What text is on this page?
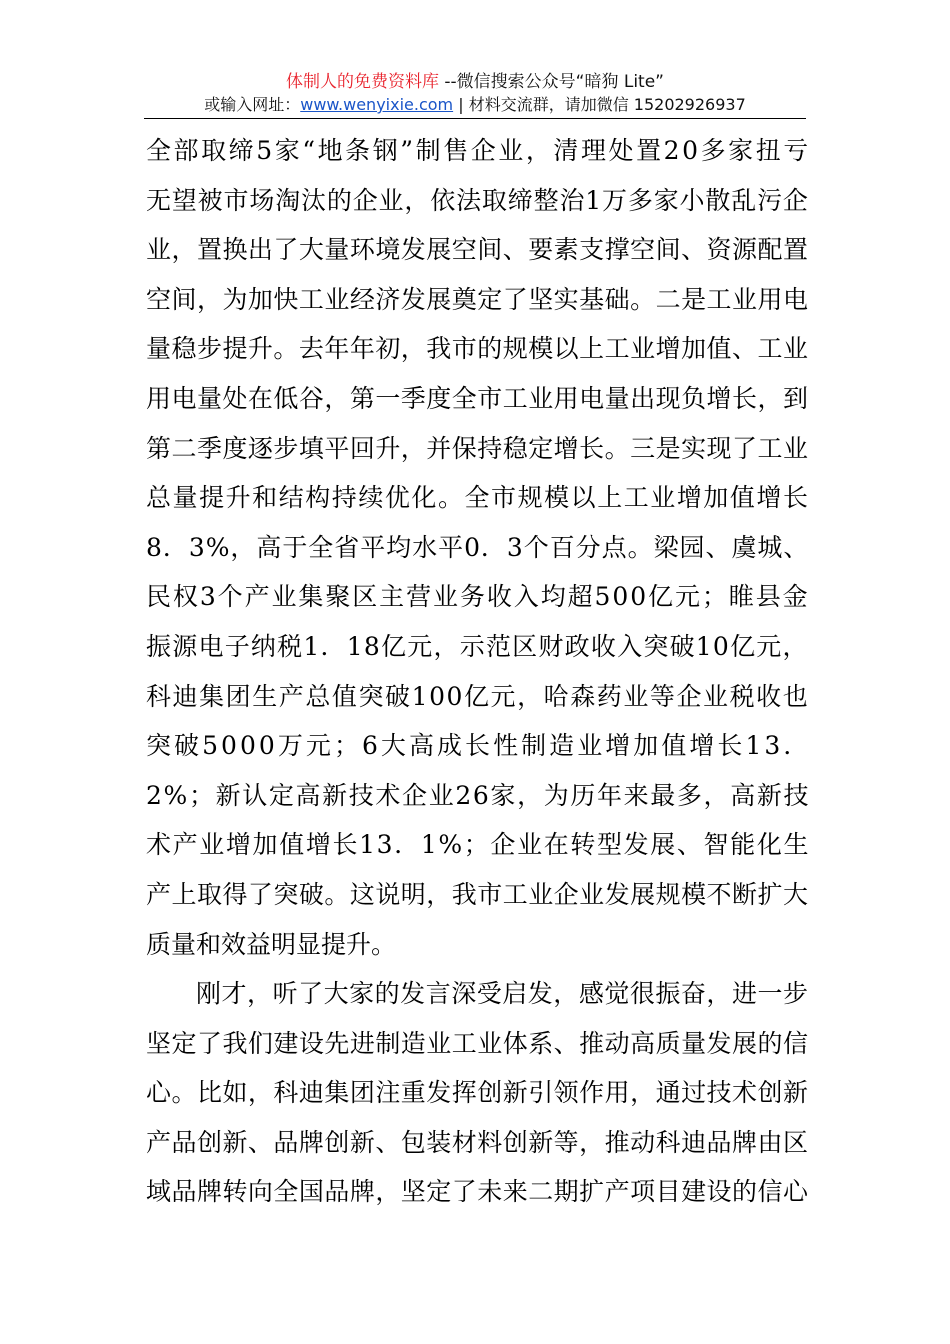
体制人的免费资料库 --微信搜索公众号“暗狗 Lite”
或输入网址：www.wenyixie.com | 材料交流群，请加微信 15202926937
全部取缔5家“地条钢”制售企业，清理处置20多家扭亏
无望被市场淘汰的企业，依法取缔整治1万多家小散乱污企
业，置换出了大量环境发展空间、要素支撑空间、资源配置
空间，为加快工业经济发展奠定了坚实基础。二是工业用电
量稳步提升。去年年初，我市的规模以上工业增加值、工业
用电量处在低谷，第一季度全市工业用电量出现负增长，到
第二季度逐步填平回升，并保持稳定增长。三是实现了工业
总量提升和结构持续优化。全市规模以上工业增加值增长
8．3%，高于全省平均水平0．3个百分点。梁园、虞城、
民权3个产业集聚区主营业务收入均超500亿元；睢县金
振源电子纳税1．18亿元，示范区财政收入突破10亿元，
科迪集团生产总值突破100亿元，哈森药业等企业税收也
突破5000万元；6大高成长性制造业增加值增长13．
2%；新认定高新技术企业26家，为历年来最多，高新技
术产业增加值增长13．1%；企业在转型发展、智能化生
产上取得了突破。这说明，我市工业企业发展规模不断扩大
质量和效益明显提升。
刚才，听了大家的发言深受启发，感觉很振奋，进一步
坚定了我们建设先进制造业工业体系、推动高质量发展的信
心。比如，科迪集团注重发挥创新引领作用，通过技术创新
产品创新、品牌创新、包装材料创新等，推动科迪品牌由区
域品牌转向全国品牌，坚定了未来二期扩产项目建设的信心
